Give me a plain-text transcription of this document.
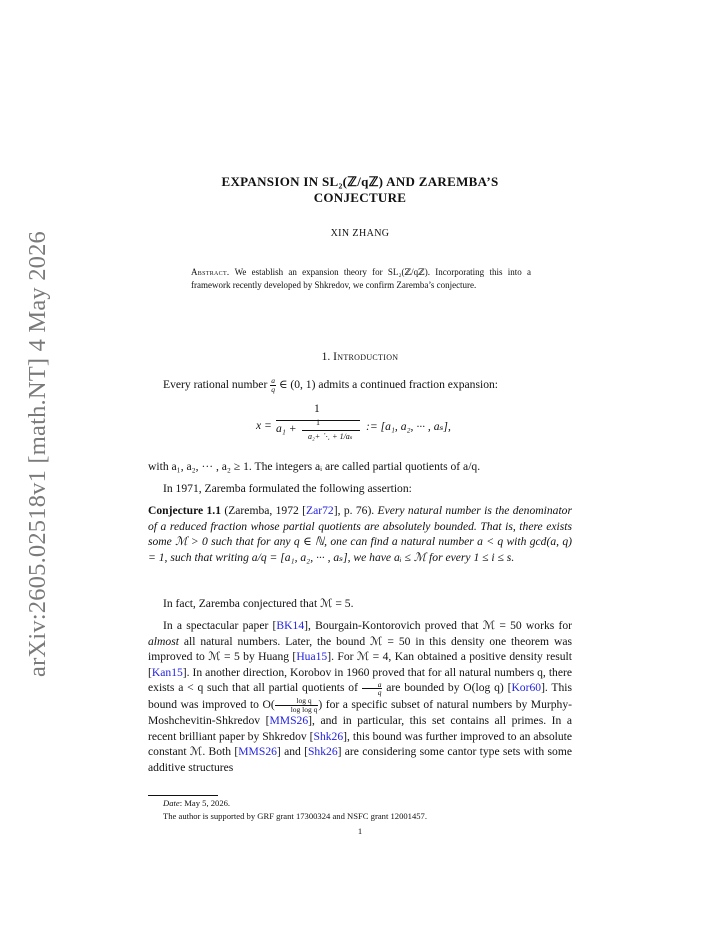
arXiv:2605.02518v1 [math.NT] 4 May 2026
EXPANSION IN SL₂(ℤ/qℤ) AND ZAREMBA’S
CONJECTURE
XIN ZHANG
Abstract. We establish an expansion theory for SL₂(ℤ/qℤ). Incorporating this into a framework recently developed by Shkredov, we confirm Zaremba’s conjecture.
1. Introduction
Every rational number $\frac{a}{q}$ ∈ (0, 1) admits a continued fraction expansion:
x =
1
a₁ + 1
a₂+ ⋱ + 1/aₛ
:= [a₁, a₂, ··· , aₛ],
with a₁, a₂, ··· , a₂ ≥ 1. The integers aᵢ are called partial quotients of a/q.
In 1971, Zaremba formulated the following assertion:
Conjecture 1.1 (Zaremba, 1972 [Zar72], p. 76). Every natural number is the denominator of a reduced fraction whose partial quotients are absolutely bounded. That is, there exists some ℳ > 0 such that for any q ∈ ℕ, one can find a natural number a < q with gcd(a, q) = 1, such that writing a/q = [a₁, a₂, ··· , aₛ], we have aᵢ ≤ ℳ for every 1 ≤ i ≤ s.
In fact, Zaremba conjectured that ℳ = 5.
In a spectacular paper [BK14], Bourgain-Kontorovich proved that ℳ = 50 works for almost all natural numbers. Later, the bound ℳ = 50 in this density one theorem was improved to ℳ = 5 by Huang [Hua15]. For ℳ = 4, Kan obtained a positive density result [Kan15]. In another direction, Korobov in 1960 proved that for all natural numbers q, there exists a < q such that all partial quotients of $\frac{a}{q}$ are bounded by O(log q) [Kor60]. This bound was improved to $O( \frac{\text{log q}}{\text{log log q}}$ ) for a specific subset of natural numbers by Murphy-Moshchevitin-Shkredov [MMS26], and in particular, this set contains all primes. In a recent brilliant paper by Shkredov [Shk26], this bound was further improved to an absolute constant ℳ. Both [MMS26] and [Shk26] are considering some cantor type sets with some additive structures
Date: May 5, 2026.
The author is supported by GRF grant 17300324 and NSFC grant 12001457.
1
